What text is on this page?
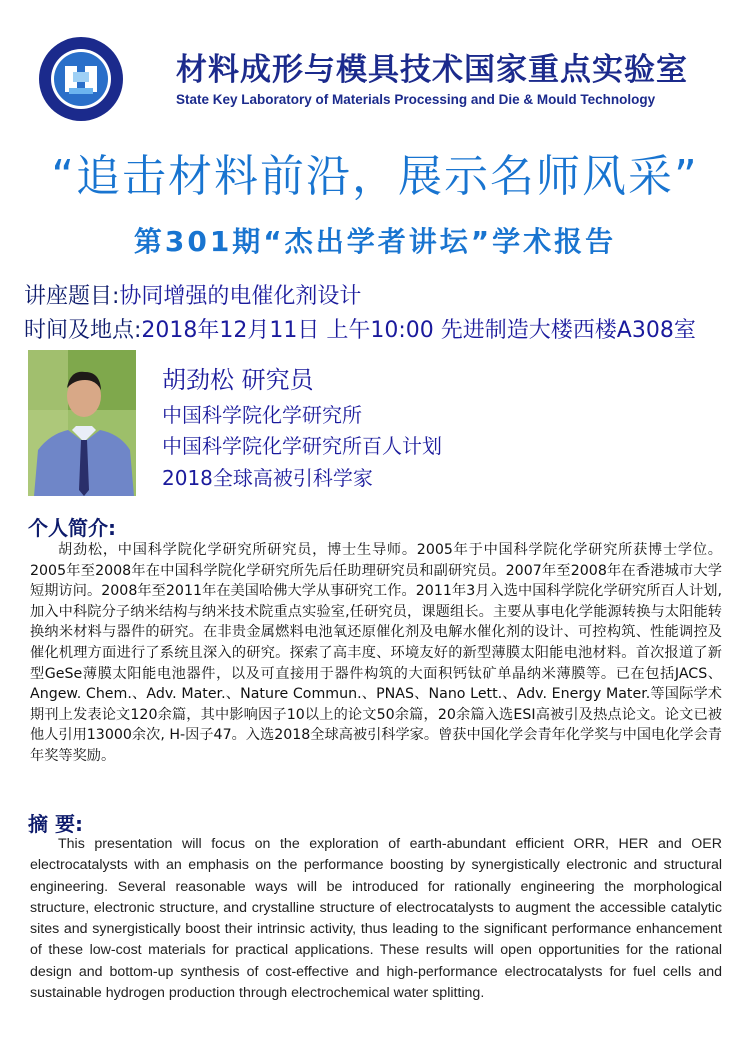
材料成形与模具技术国家重点实验室
State Key Laboratory of Materials Processing and Die & Mould Technology
“追击材料前沿，展示名师风采”
第301期“杰出学者讲坛”学术报告
讲座题目:协同增强的电催化剂设计
时间及地点:2018年12月11日 上午10:00 先进制造大楼西楼A308室
胡劲松 研究员
中国科学院化学研究所
中国科学院化学研究所百人计划
2018全球高被引科学家
个人简介:
胡劲松，中国科学院化学研究所研究员，博士生导师。2005年于中国科学院化学研究所获博士学位。2005年至2008年在中国科学院化学研究所先后任助理研究员和副研究员。2007年至2008年在香港城市大学短期访问。2008年至2011年在美国哈佛大学从事研究工作。2011年3月入选中国科学院化学研究所百人计划,加入中科院分子纳米结构与纳米技术院重点实验室,任研究员，课题组长。主要从事电化学能源转换与太阳能转换纳米材料与器件的研究。在非贵金属燃料电池氧还原催化剂及电解水催化剂的设计、可控构筑、性能调控及催化机理方面进行了系统且深入的研究。探索了高丰度、环境友好的新型薄膜太阳能电池材料。首次报道了新型GeSe薄膜太阳能电池器件，以及可直接用于器件构筑的大面积钙钛矿单晶纳米薄膜等。已在包括JACS、Angew. Chem.、Adv. Mater.、Nature Commun.、PNAS、Nano Lett.、Adv. Energy Mater.等国际学术期刊上发表论文120余篇，其中影响因子10以上的论文50余篇，20余篇入选ESI高被引及热点论文。论文已被他人引用13000余次, H-因子47。入选2018全球高被引科学家。曾获中国化学会青年化学奖与中国电化学会青年奖等奖励。
摘 要:
This presentation will focus on the exploration of earth-abundant efficient ORR, HER and OER electrocatalysts with an emphasis on the performance boosting by synergistically electronic and structural engineering. Several reasonable ways will be introduced for rationally engineering the morphological structure, electronic structure, and crystalline structure of electrocatalysts to augment the accessible catalytic sites and synergistically boost their intrinsic activity, thus leading to the significant performance enhancement of these low-cost materials for practical applications. These results will open opportunities for the rational design and bottom-up synthesis of cost-effective and high-performance electrocatalysts for fuel cells and sustainable hydrogen production through electrochemical water splitting.
